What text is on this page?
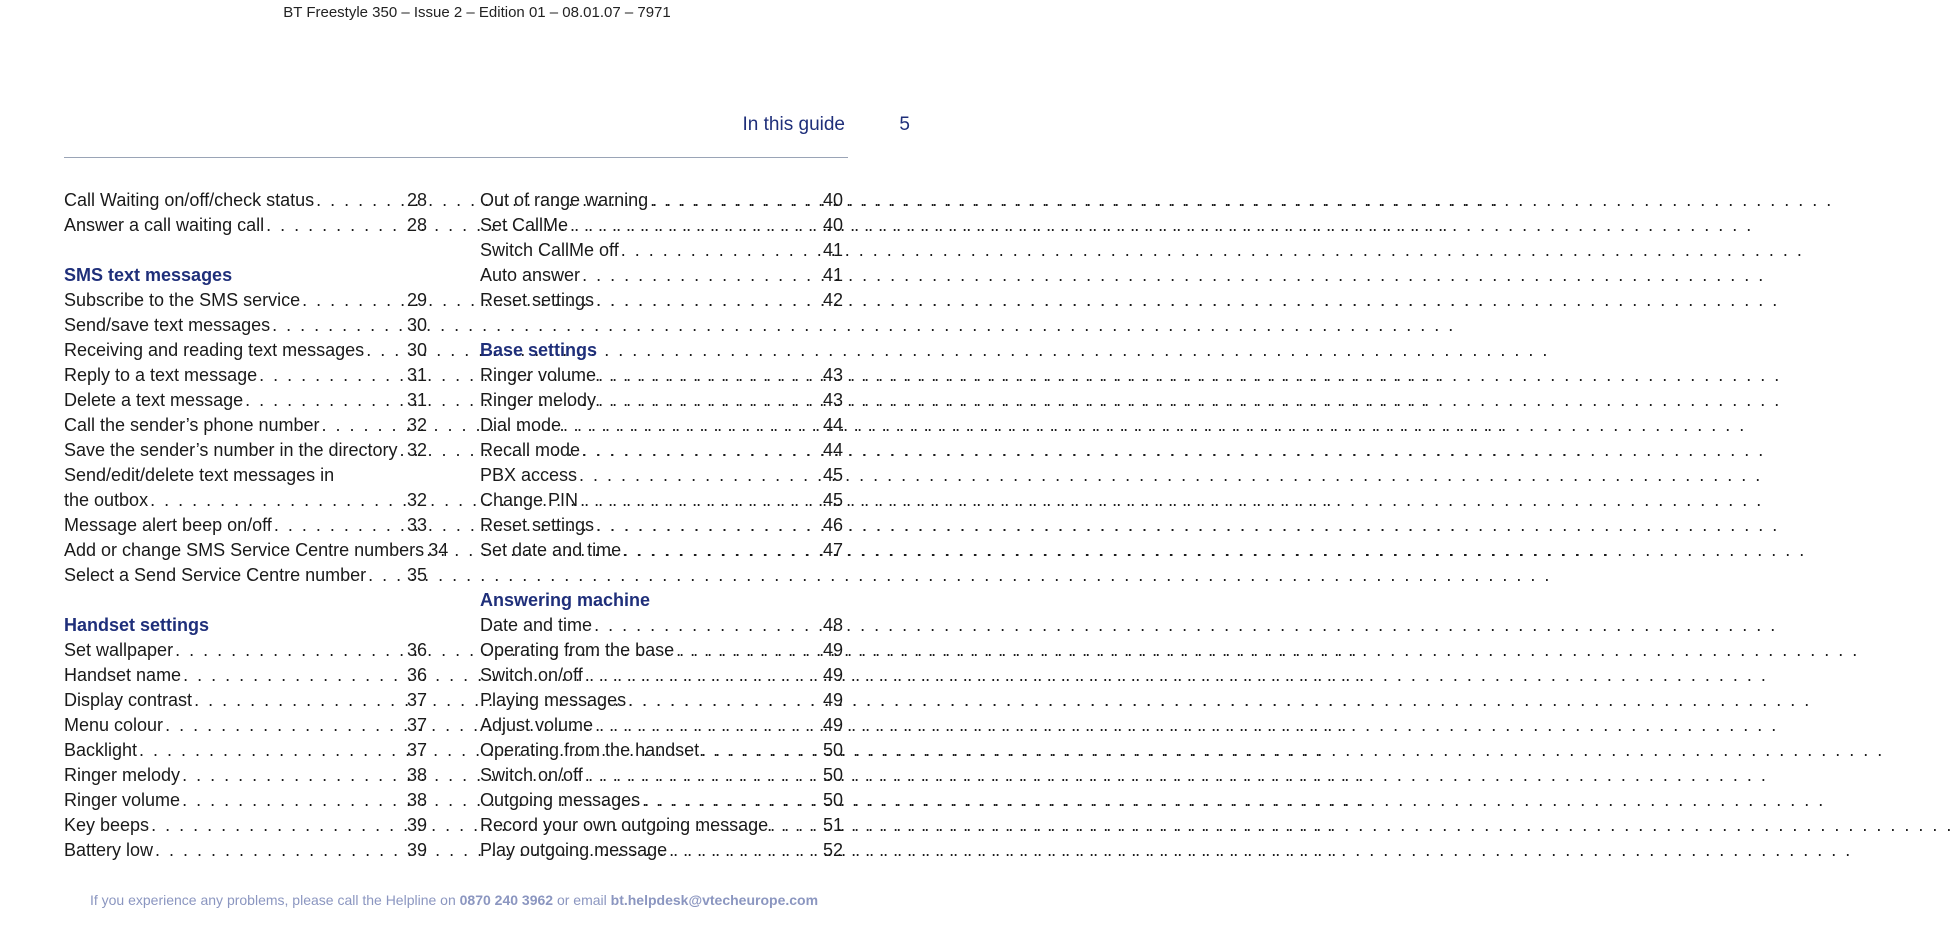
BT Freestyle 350 – Issue 2 – Edition 01 – 08.01.07 – 7971
In this guide	5
Call Waiting on/off/check status . . .	28
Answer a call waiting call . . .	28
SMS text messages
Subscribe to the SMS service . . .	29
Send/save text messages . . .	30
Receiving and reading text messages . . . 30
Reply to a text message . . .	31
Delete a text message . . .	31
Call the sender’s phone number . . .	32
Save the sender’s number in the directory . . . 32
Send/edit/delete text messages in
the outbox . . .	32
Message alert beep on/off . . .	33
Add or change SMS Service Centre numbers . . . 34
Select a Send Service Centre number . . . 35
Handset settings
Set wallpaper . . .	36
Handset name . . .	36
Display contrast . . .	37
Menu colour . . .	37
Backlight . . .	37
Ringer melody . . .	38
Ringer volume . . .	38
Key beeps . . .	39
Battery low . . .	39
Out of range warning . . .	40
Set CallMe . . .	40
Switch CallMe off . . .	41
Auto answer . . .	41
Reset settings . . .	42
Base settings
Ringer volume . . .	43
Ringer melody . . .	43
Dial mode . . .	44
Recall mode . . .	44
PBX access . . .	45
Change PIN . . .	45
Reset settings . . .	46
Set date and time . . .	47
Answering machine
Date and time . . .	48
Operating from the base . . .	49
Switch on/off . . .	49
Playing messages . . .	49
Adjust volume . . .	49
Operating from the handset . . .	50
Switch on/off . . .	50
Outgoing messages . . .	50
Record your own outgoing message . . .	51
Play outgoing message . . .	52
If you experience any problems, please call the Helpline on 0870 240 3962 or email bt.helpdesk@vtecheurope.com
